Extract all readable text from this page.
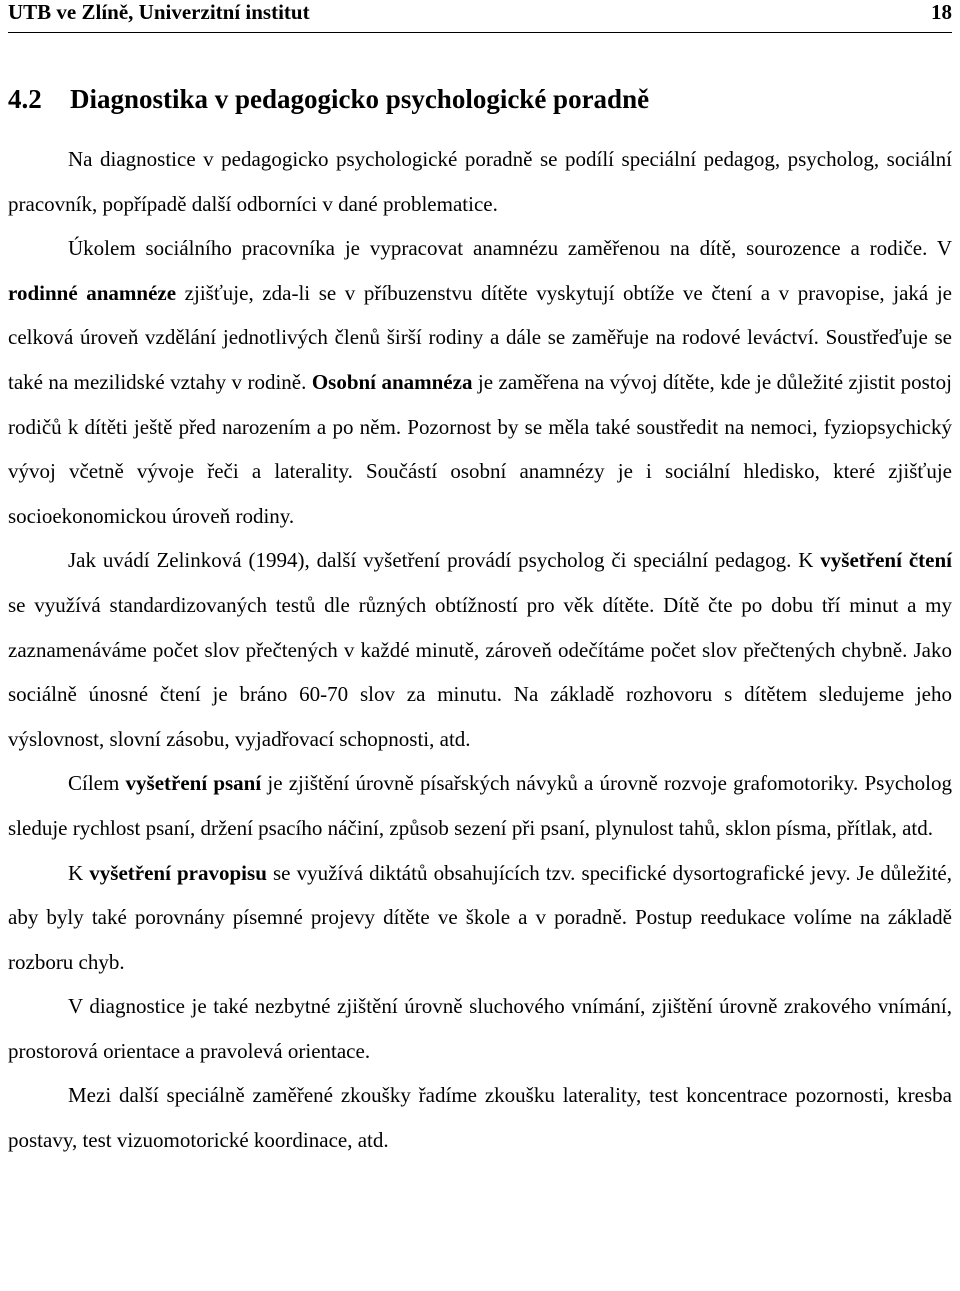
UTB ve Zlíně, Univerzitní institut	18
4.2 Diagnostika v pedagogicko psychologické poradně

Na diagnostice v pedagogicko psychologické poradně se podílí speciální pedagog, psycholog, sociální pracovník, popřípadě další odborníci v dané problematice.

Úkolem sociálního pracovníka je vypracovat anamnézu zaměřenou na dítě, sourozence a rodiče. V rodinné anamnéze zjišťuje, zda-li se v příbuzenstvu dítěte vyskytují obtíže ve čtení a v pravopise, jaká je celková úroveň vzdělání jednotlivých členů širší rodiny a dále se zaměřuje na rodové leváctví. Soustřeďuje se také na mezilidské vztahy v rodině. Osobní anamnéza je zaměřena na vývoj dítěte, kde je důležité zjistit postoj rodičů k dítěti ještě před narozením a po něm. Pozornost by se měla také soustředit na nemoci, fyziopsychický vývoj včetně vývoje řeči a laterality. Součástí osobní anamnézy je i sociální hledisko, které zjišťuje socioekonomickou úroveň rodiny.

Jak uvádí Zelinková (1994), další vyšetření provádí psycholog či speciální pedagog. K vyšetření čtení se využívá standardizovaných testů dle různých obtížností pro věk dítěte. Dítě čte po dobu tří minut a my zaznamenáváme počet slov přečtených v každé minutě, zároveň odečítáme počet slov přečtených chybně. Jako sociálně únosné čtení je bráno 60-70 slov za minutu. Na základě rozhovoru s dítětem sledujeme jeho výslovnost, slovní zásobu, vyjadřovací schopnosti, atd.

Cílem vyšetření psaní je zjištění úrovně písařských návyků a úrovně rozvoje grafomotoriky. Psycholog sleduje rychlost psaní, držení psacího náčiní, způsob sezení při psaní, plynulost tahů, sklon písma, přítlak, atd.

K vyšetření pravopisu se využívá diktátů obsahujících tzv. specifické dysortografické jevy. Je důležité, aby byly také porovnány písemné projevy dítěte ve škole a v poradně. Postup reedukace volíme na základě rozboru chyb.

V diagnostice je také nezbytné zjištění úrovně sluchového vnímání, zjištění úrovně zrakového vnímání, prostorová orientace a pravolevá orientace.

Mezi další speciálně zaměřené zkoušky řadíme zkoušku laterality, test koncentrace pozornosti, kresba postavy, test vizuomotorické koordinace, atd.
